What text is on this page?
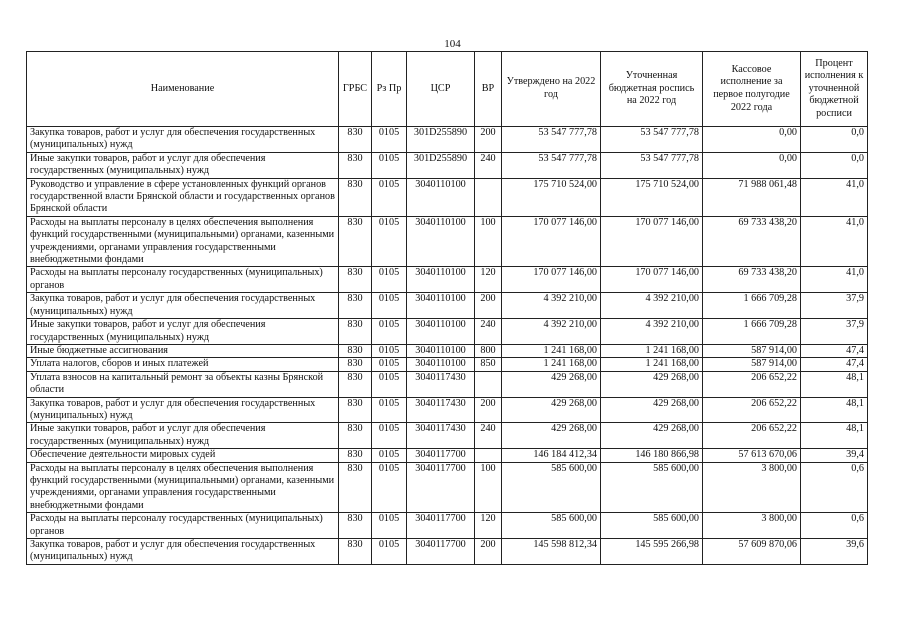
104
Наименование	ГРБС	Рз Пр	ЦСР	ВР	Утверждено на 2022 год	Уточненная бюджетная роспись на 2022 год	Кассовое исполнение за первое полугодие 2022 года	Процент исполнения к уточненной бюджетной росписи
Закупка товаров, работ и услуг для обеспечения государственных (муниципальных) нужд	830	0105	301D255890	200	53 547 777,78	53 547 777,78	0,00	0,0
Иные закупки товаров, работ и услуг для обеспечения государственных (муниципальных) нужд	830	0105	301D255890	240	53 547 777,78	53 547 777,78	0,00	0,0
Руководство и управление в сфере установленных функций органов государственной власти Брянской области и государственных органов Брянской области	830	0105	3040110100		175 710 524,00	175 710 524,00	71 988 061,48	41,0
Расходы на выплаты персоналу в целях обеспечения выполнения функций государственными (муниципальными) органами, казенными учреждениями, органами управления государственными внебюджетными фондами	830	0105	3040110100	100	170 077 146,00	170 077 146,00	69 733 438,20	41,0
Расходы на выплаты персоналу государственных (муниципальных) органов	830	0105	3040110100	120	170 077 146,00	170 077 146,00	69 733 438,20	41,0
Закупка товаров, работ и услуг для обеспечения государственных (муниципальных) нужд	830	0105	3040110100	200	4 392 210,00	4 392 210,00	1 666 709,28	37,9
Иные закупки товаров, работ и услуг для обеспечения государственных (муниципальных) нужд	830	0105	3040110100	240	4 392 210,00	4 392 210,00	1 666 709,28	37,9
Иные бюджетные ассигнования	830	0105	3040110100	800	1 241 168,00	1 241 168,00	587 914,00	47,4
Уплата налогов, сборов и иных платежей	830	0105	3040110100	850	1 241 168,00	1 241 168,00	587 914,00	47,4
Уплата взносов на капитальный ремонт за объекты казны Брянской области	830	0105	3040117430		429 268,00	429 268,00	206 652,22	48,1
Закупка товаров, работ и услуг для обеспечения государственных (муниципальных) нужд	830	0105	3040117430	200	429 268,00	429 268,00	206 652,22	48,1
Иные закупки товаров, работ и услуг для обеспечения государственных (муниципальных) нужд	830	0105	3040117430	240	429 268,00	429 268,00	206 652,22	48,1
Обеспечение деятельности мировых судей	830	0105	3040117700		146 184 412,34	146 180 866,98	57 613 670,06	39,4
Расходы на выплаты персоналу в целях обеспечения выполнения функций государственными (муниципальными) органами, казенными учреждениями, органами управления государственными внебюджетными фондами	830	0105	3040117700	100	585 600,00	585 600,00	3 800,00	0,6
Расходы на выплаты персоналу государственных (муниципальных) органов	830	0105	3040117700	120	585 600,00	585 600,00	3 800,00	0,6
Закупка товаров, работ и услуг для обеспечения государственных (муниципальных) нужд	830	0105	3040117700	200	145 598 812,34	145 595 266,98	57 609 870,06	39,6
